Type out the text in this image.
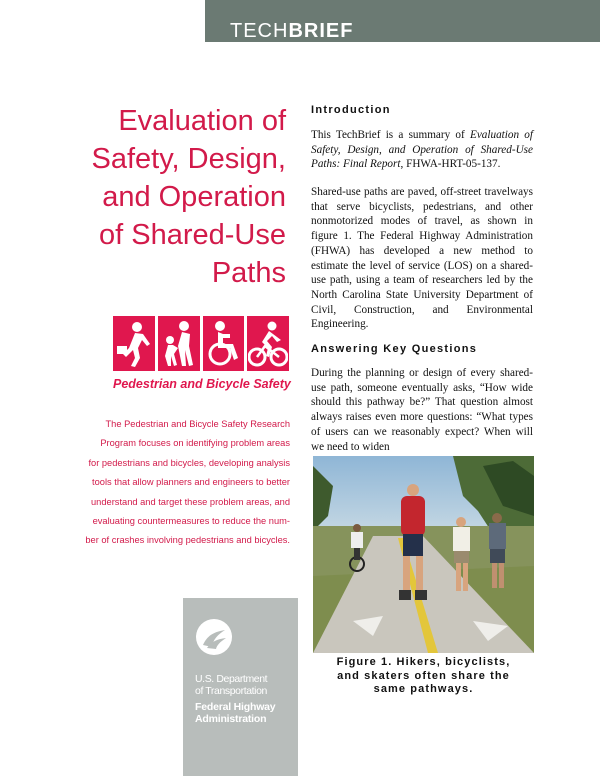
TECHBRIEF
Evaluation of
Safety, Design,
and Operation
of Shared-Use
Paths
Pedestrian and Bicycle Safety
The Pedestrian and Bicycle Safety Research
Program focuses on identifying problem areas
for pedestrians and bicycles, developing analysis
tools that allow planners and engineers to better
understand and target these problem areas, and
evaluating countermeasures to reduce the num-
ber of crashes involving pedestrians and bicycles.
U.S. Department
of Transportation
Federal Highway
Administration
Introduction

This TechBrief is a summary of Evaluation of Safety, Design, and Operation of Shared-Use Paths: Final Report, FHWA-HRT-05-137.

Shared-use paths are paved, off-street travelways that serve bicyclists, pedestrians, and other nonmotorized modes of travel, as shown in figure 1. The Federal Highway Administration (FHWA) has developed a new method to estimate the level of service (LOS) on a shared-use path, using a team of researchers led by the North Carolina State University Department of Civil, Construction, and Environmental Engineering.

Answering Key Questions

During the planning or design of every shared-use path, someone eventually asks, “How wide should this pathway be?” That question almost always raises even more questions: “What types of users can we reasonably expect? When will we need to widen

Figure 1. Hikers, bicyclists,
and skaters often share the
same pathways.
